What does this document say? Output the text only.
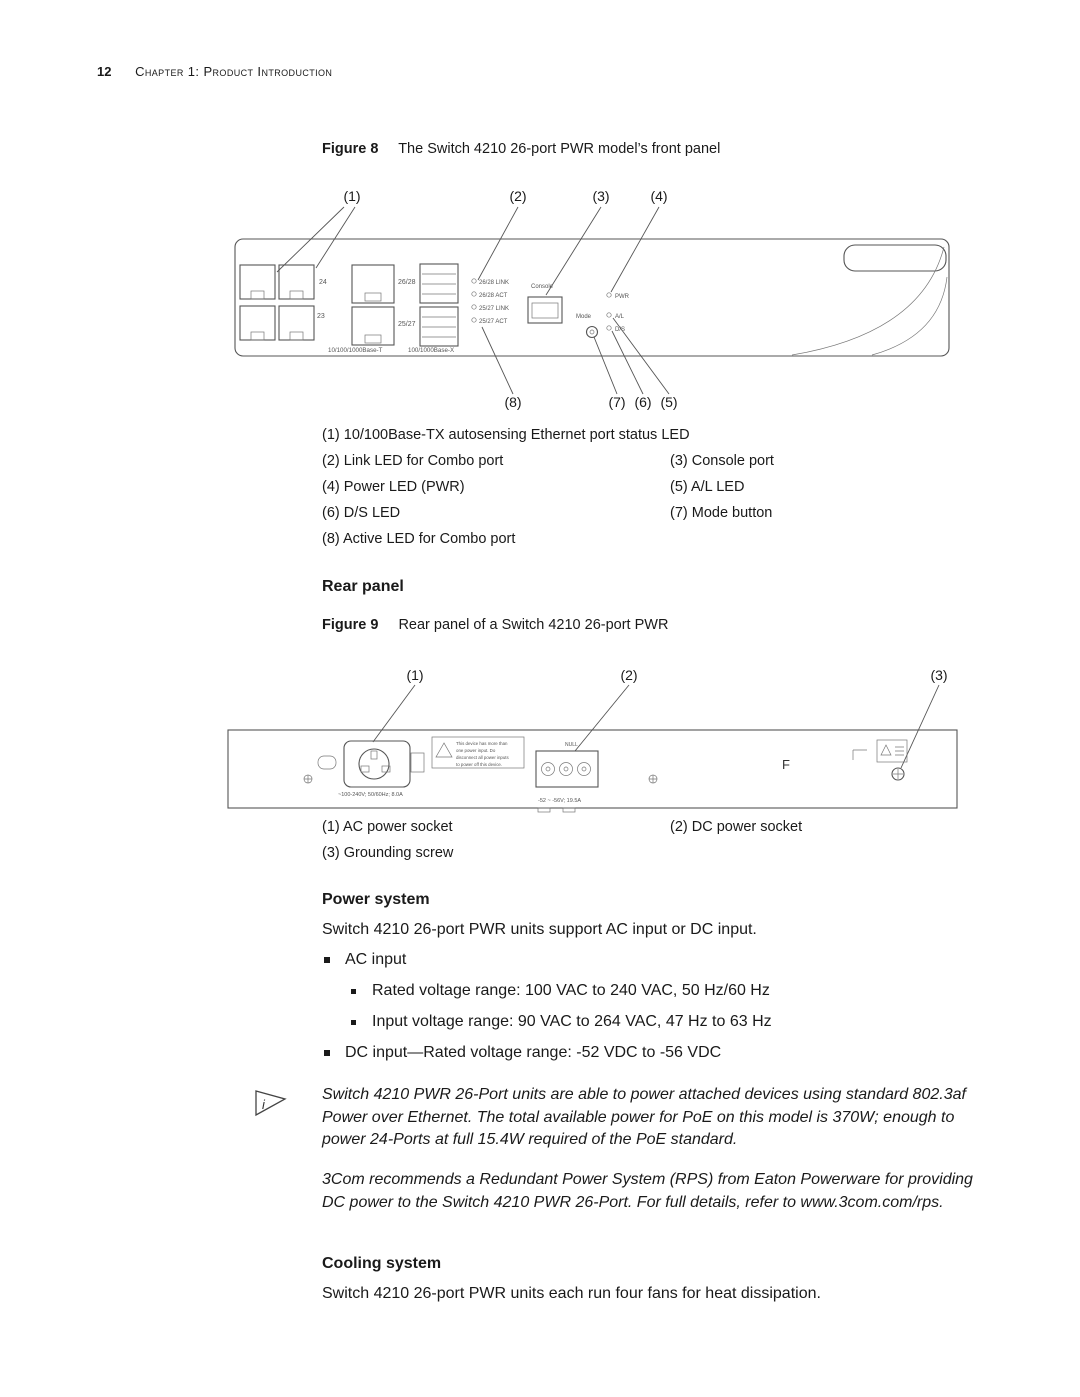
12 Chapter 1: Product Introduction
Figure 8 The Switch 4210 26-port PWR model’s front panel
(1)	(2)	(3)	(4)
24
23
26/28
25/27
10/100/1000Base-T	100/1000Base-X
26/28 LINK
26/28 ACT
25/27 LINK
25/27 ACT
Console
Mode
PWR
A/L
D/S
(8)	(7) (6) (5)
(1) 10/100Base-TX autosensing Ethernet port status LED
(2) Link LED for Combo port	(3) Console port
(4) Power LED (PWR)	(5) A/L LED
(6) D/S LED	(7) Mode button
(8) Active LED for Combo port
Rear panel
Figure 9 Rear panel of a Switch 4210 26-port PWR
(1)	(2)	(3)
~100-240V; 50/60Hz; 8.0A
This device has more than
one power input. Do
disconnect all power inputs
to power off this device.
NULL
-52 ~ -56V; 19.5A
F
(1) AC power socket	(2) DC power socket
(3) Grounding screw
Power system
Switch 4210 26-port PWR units support AC input or DC input.
AC input
Rated voltage range: 100 VAC to 240 VAC, 50 Hz/60 Hz
Input voltage range: 90 VAC to 264 VAC, 47 Hz to 63 Hz
DC input—Rated voltage range: -52 VDC to -56 VDC
i
Switch 4210 PWR 26-Port units are able to power attached devices using standard 802.3af Power over Ethernet. The total available power for PoE on this model is 370W; enough to power 24-Ports at full 15.4W required of the PoE standard.
3Com recommends a Redundant Power System (RPS) from Eaton Powerware for providing DC power to the Switch 4210 PWR 26-Port. For full details, refer to www.3com.com/rps.
Cooling system
Switch 4210 26-port PWR units each run four fans for heat dissipation.
